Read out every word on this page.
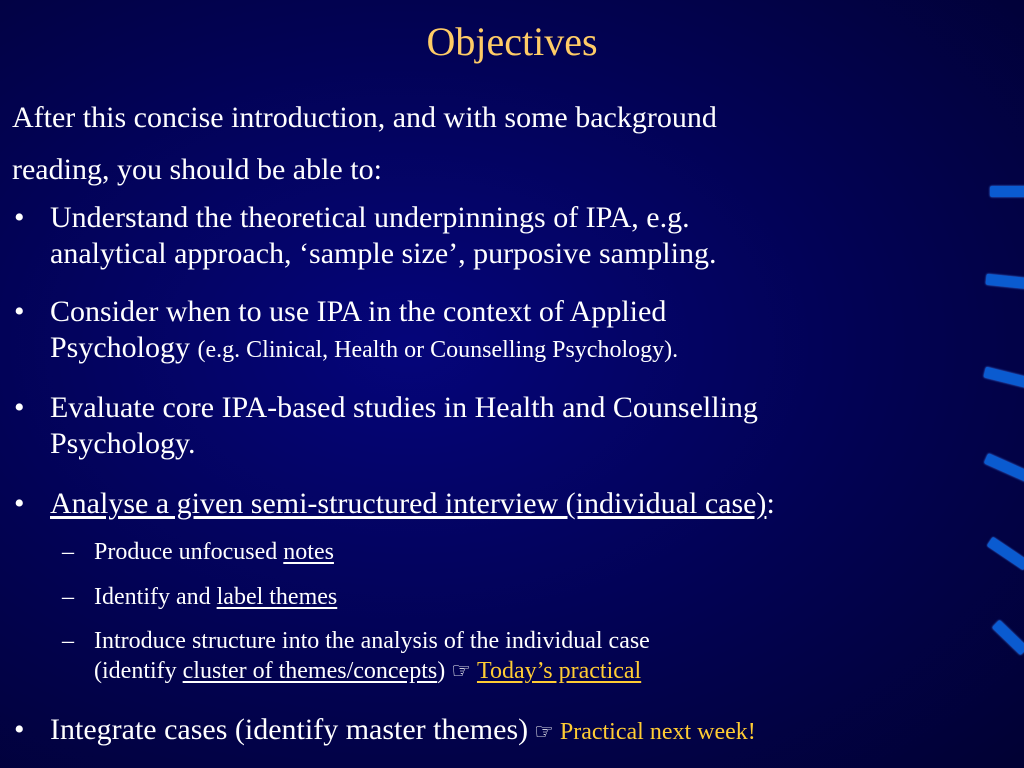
Objectives
After this concise introduction, and with some background
reading, you should be able to:
• Understand the theoretical underpinnings of IPA, e.g.
analytical approach, ‘sample size’, purposive sampling.
• Consider when to use IPA in the context of Applied
Psychology (e.g. Clinical, Health or Counselling Psychology).
• Evaluate core IPA-based studies in Health and Counselling
Psychology.
• Analyse a given semi-structured interview (individual case):
– Produce unfocused notes
– Identify and label themes
– Introduce structure into the analysis of the individual case
(identify cluster of themes/concepts) ☞ Today’s practical
• Integrate cases (identify master themes) ☞ Practical next week!
